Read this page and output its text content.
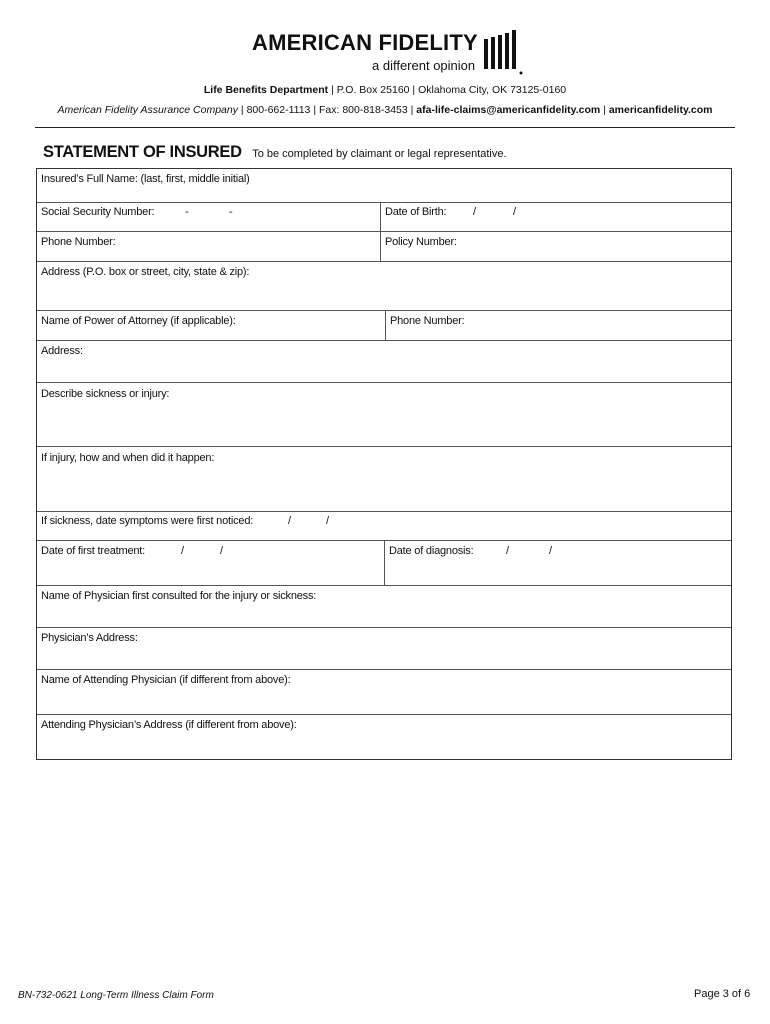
AMERICAN FIDELITY
a different opinion
Life Benefits Department | P.O. Box 25160 | Oklahoma City, OK 73125-0160
American Fidelity Assurance Company | 800-662-1113 | Fax: 800-818-3453 | afa-life-claims@americanfidelity.com | americanfidelity.com
STATEMENT OF INSURED To be completed by claimant or legal representative.
Insured’s Full Name: (last, first, middle initial)
Social Security Number:	-	-	Date of Birth: /	/
Phone Number:	Policy Number:
Address (P.O. box or street, city, state & zip):
Name of Power of Attorney (if applicable):	Phone Number:
Address:
Describe sickness or injury:
If injury, how and when did it happen:
If sickness, date symptoms were first noticed:	/	/
Date of first treatment:	/	/	Date of diagnosis:	/	/
Name of Physician first consulted for the injury or sickness:
Physician’s Address:
Name of Attending Physician (if different from above):
Attending Physician’s Address (if different from above):
BN-732-0621 Long-Term Illness Claim Form	Page 3 of 6
